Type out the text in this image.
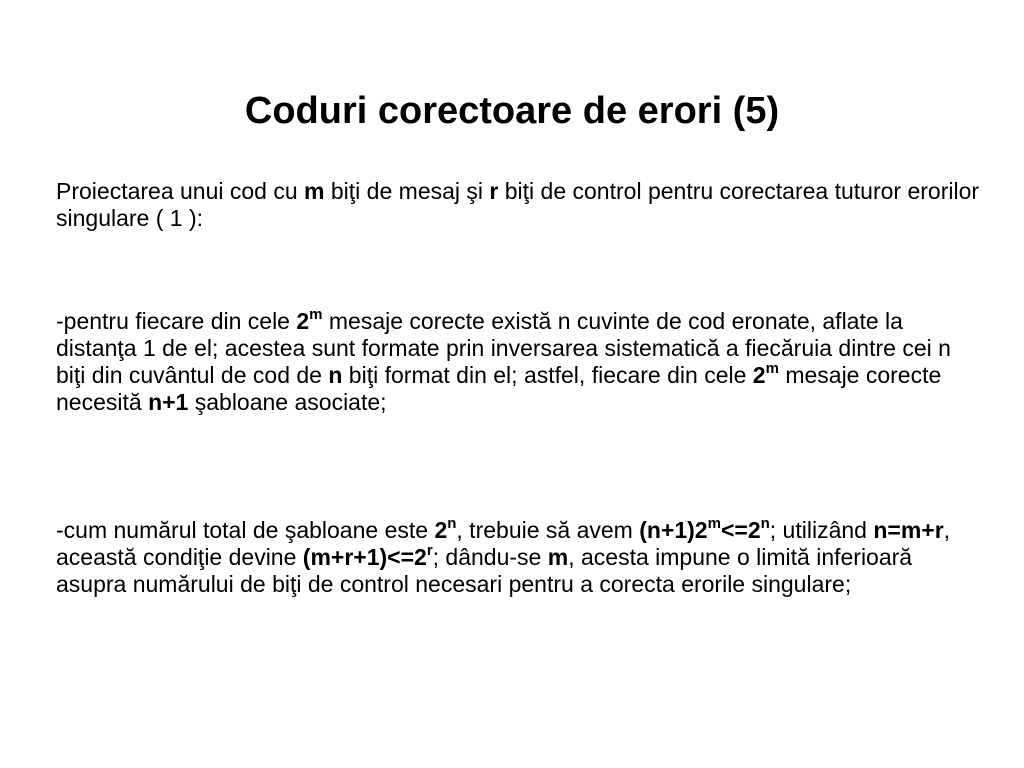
Coduri corectoare de erori (5)

Proiectarea unui cod cu m biţi de mesaj şi r biţi de control pentru corectarea tuturor erorilor singulare ( 1 ):

-pentru fiecare din cele 2$^m$ mesaje corecte există n cuvinte de cod eronate, aflate la distanţa 1 de el; acestea sunt formate prin inversarea sistematică a fiecăruia dintre cei n biţi din cuvântul de cod de n biţi format din el; astfel, fiecare din cele 2$^m$ mesaje corecte necesită n+1 şabloane asociate;

-cum numărul total de şabloane este 2$^n$, trebuie să avem $(n+1)2^m<=2^n$; utilizând n=m+r, această condiţie devine $(m+r+1)<=2^r$; dându-se m, acesta impune o limită inferioară asupra numărului de biţi de control necesari pentru a corecta erorile singulare;
